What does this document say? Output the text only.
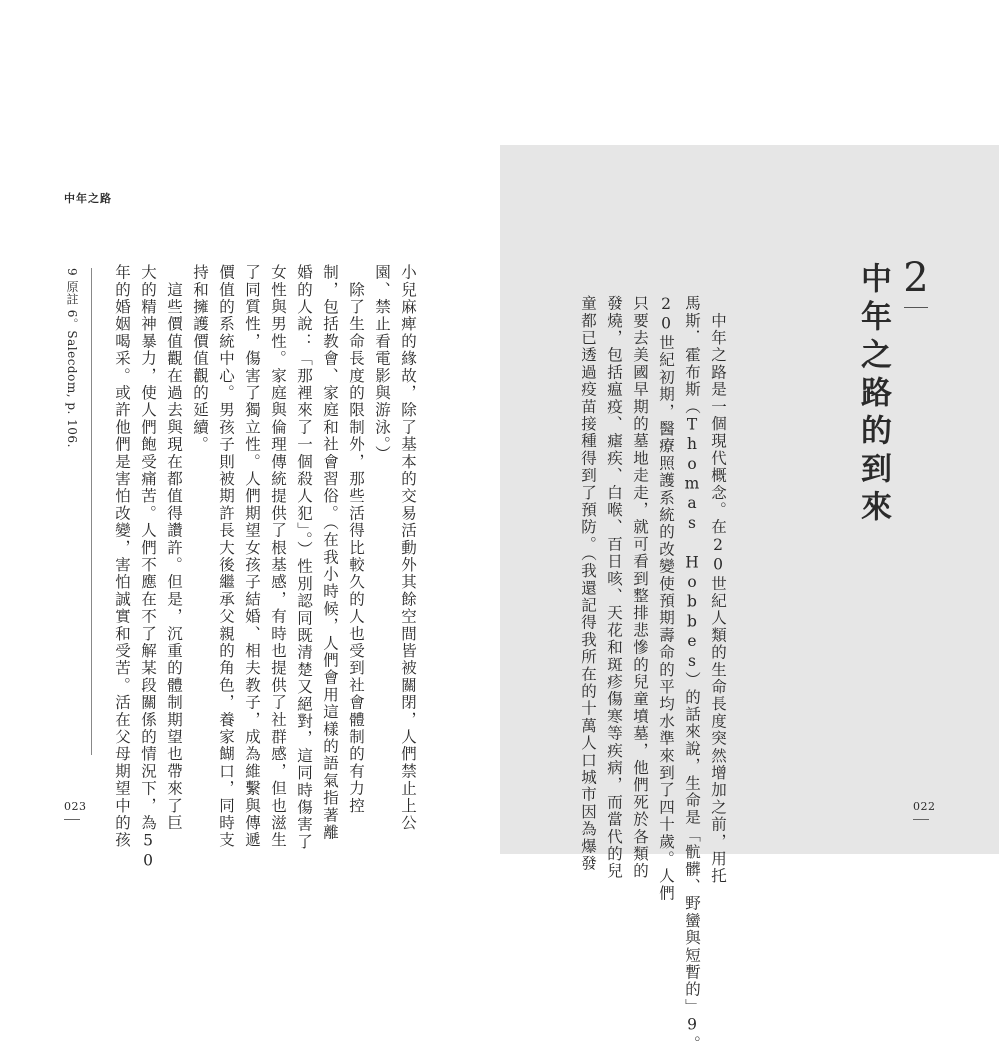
中年之路
小兒麻痺的緣故，除了基本的交易活動外其餘空間皆被關閉，人們禁止上公
園、禁止看電影與游泳。）
　除了生命長度的限制外，那些活得比較久的人也受到社會體制的有力控
制，包括教會、家庭和社會習俗。（在我小時候，人們會用這樣的語氣指著離
婚的人說：「那裡來了一個殺人犯」。）性別認同既清楚又絕對，這同時傷害了
女性與男性。家庭與倫理傳統提供了根基感，有時也提供了社群感，但也滋生
了同質性，傷害了獨立性。人們期望女孩子結婚、相夫教子，成為維繫與傳遞
價值的系統中心。男孩子則被期許長大後繼承父親的角色，養家餬口，同時支
持和擁護價值觀的延續。
　這些價值觀在過去與現在都值得讚許。但是，沉重的體制期望也帶來了巨
大的精神暴力，使人們飽受痛苦。人們不應在不了解某段關係的情況下，為50
年的婚姻喝采。或許他們是害怕改變，害怕誠實和受苦。活在父母期望中的孩
9 原註 6。Salecdom, p. 106.
023
2
中年之路的到來
　中年之路是一個現代概念。在20世紀人類的生命長度突然增加之前，用托
馬斯．霍布斯（Thomas Hobbes）的話來說，生命是「骯髒、野蠻與短暫的」9。
20世紀初期，醫療照護系統的改變使預期壽命的平均水準來到了四十歲。人們
只要去美國早期的墓地走走，就可看到整排悲慘的兒童墳墓，他們死於各類的
發燒，包括瘟疫、瘧疾、白喉、百日咳、天花和斑疹傷寒等疾病，而當代的兒
童都已透過疫苗接種得到了預防。（我還記得我所在的十萬人口城市因為爆發	022
